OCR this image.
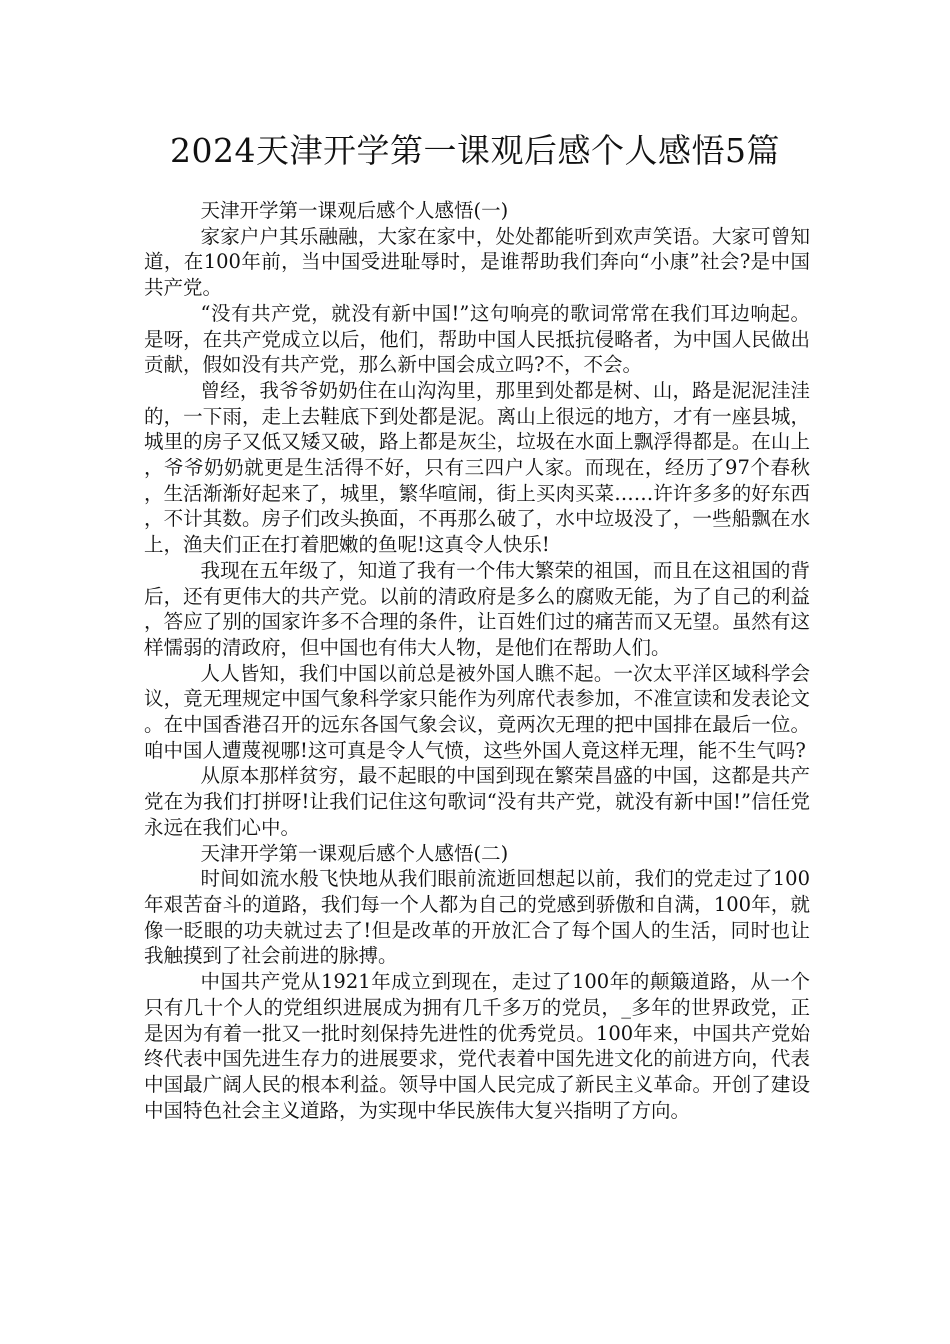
2024天津开学第一课观后感个人感悟5篇

天津开学第一课观后感个人感悟(一)

家家户户其乐融融，大家在家中，处处都能听到欢声笑语。大家可曾知道，在100年前，当中国受进耻辱时，是谁帮助我们奔向“小康”社会?是中国共产党。

“没有共产党，就没有新中国!”这句响亮的歌词常常在我们耳边响起。是呀，在共产党成立以后，他们，帮助中国人民抵抗侵略者，为中国人民做出贡献，假如没有共产党，那么新中国会成立吗?不，不会。

曾经，我爷爷奶奶住在山沟沟里，那里到处都是树、山，路是泥泥洼洼的，一下雨，走上去鞋底下到处都是泥。离山上很远的地方，才有一座县城，城里的房子又低又矮又破，路上都是灰尘，垃圾在水面上飘浮得都是。在山上，爷爷奶奶就更是生活得不好，只有三四户人家。而现在，经历了97个春秋，生活渐渐好起来了，城里，繁华喧闹，街上买肉买菜……许许多多的好东西，不计其数。房子们改头换面，不再那么破了，水中垃圾没了，一些船飘在水上，渔夫们正在打着肥嫩的鱼呢!这真令人快乐!

我现在五年级了，知道了我有一个伟大繁荣的祖国，而且在这祖国的背后，还有更伟大的共产党。以前的清政府是多么的腐败无能，为了自己的利益，答应了别的国家许多不合理的条件，让百姓们过的痛苦而又无望。虽然有这样懦弱的清政府，但中国也有伟大人物，是他们在帮助人们。

人人皆知，我们中国以前总是被外国人瞧不起。一次太平洋区域科学会议，竟无理规定中国气象科学家只能作为列席代表参加，不准宣读和发表论文。在中国香港召开的远东各国气象会议，竟两次无理的把中国排在最后一位。咱中国人遭蔑视哪!这可真是令人气愤，这些外国人竟这样无理，能不生气吗?

从原本那样贫穷，最不起眼的中国到现在繁荣昌盛的中国，这都是共产党在为我们打拼呀!让我们记住这句歌词“没有共产党，就没有新中国!”信任党永远在我们心中。

天津开学第一课观后感个人感悟(二)

时间如流水般飞快地从我们眼前流逝回想起以前，我们的党走过了100年艰苦奋斗的道路，我们每一个人都为自己的党感到骄傲和自满，100年，就像一眨眼的功夫就过去了!但是改革的开放汇合了每个国人的生活，同时也让我触摸到了社会前进的脉搏。

中国共产党从1921年成立到现在，走过了100年的颠簸道路，从一个只有几十个人的党组织进展成为拥有几千多万的党员，_多年的世界政党，正是因为有着一批又一批时刻保持先进性的优秀党员。100年来，中国共产党始终代表中国先进生存力的进展要求，党代表着中国先进文化的前进方向，代表中国最广阔人民的根本利益。领导中国人民完成了新民主义革命。开创了建设中国特色社会主义道路，为实现中华民族伟大复兴指明了方向。
